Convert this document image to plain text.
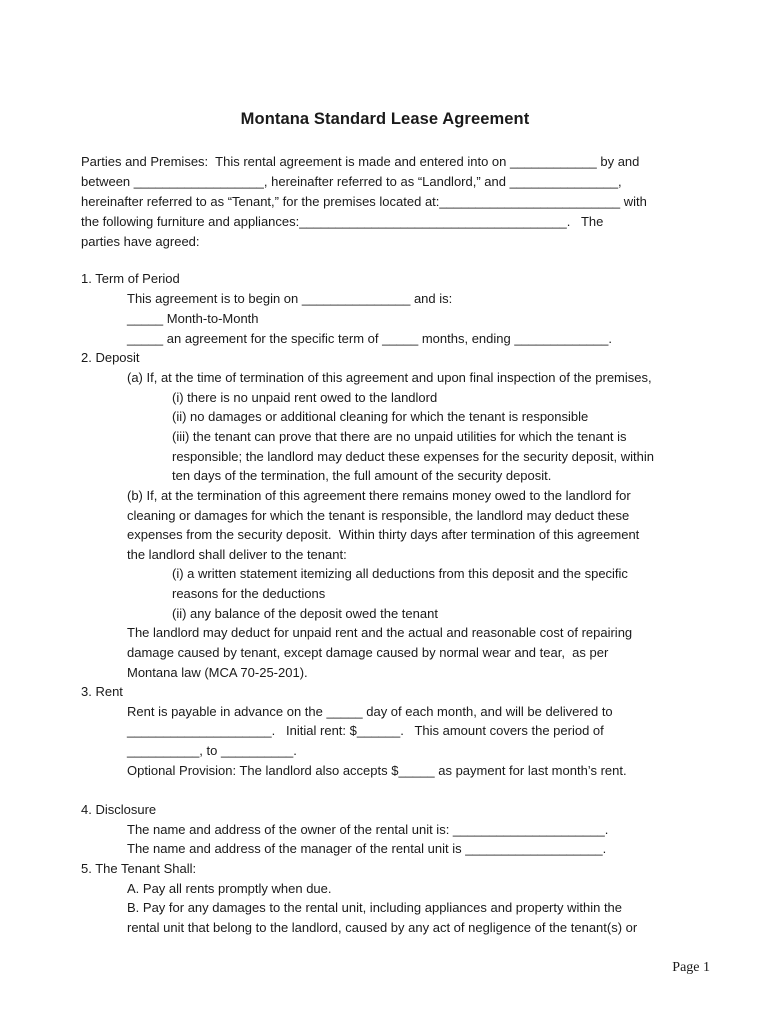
Montana Standard Lease Agreement
Parties and Premises:  This rental agreement is made and entered into on ____________ by and
between __________________, hereinafter referred to as “Landlord,” and _______________,
hereinafter referred to as “Tenant,” for the premises located at:_________________________ with
the following furniture and appliances:_____________________________________.   The
parties have agreed:
1. Term of Period
This agreement is to begin on _______________ and is:
_____ Month-to-Month
_____ an agreement for the specific term of _____ months, ending _____________.
2. Deposit
(a) If, at the time of termination of this agreement and upon final inspection of the premises,
(i) there is no unpaid rent owed to the landlord
(ii) no damages or additional cleaning for which the tenant is responsible
(iii) the tenant can prove that there are no unpaid utilities for which the tenant is
responsible; the landlord may deduct these expenses for the security deposit, within
ten days of the termination, the full amount of the security deposit.
(b) If, at the termination of this agreement there remains money owed to the landlord for
cleaning or damages for which the tenant is responsible, the landlord may deduct these
expenses from the security deposit.  Within thirty days after termination of this agreement
the landlord shall deliver to the tenant:
(i) a written statement itemizing all deductions from this deposit and the specific
reasons for the deductions
(ii) any balance of the deposit owed the tenant
The landlord may deduct for unpaid rent and the actual and reasonable cost of repairing
damage caused by tenant, except damage caused by normal wear and tear,  as per
Montana law (MCA 70-25-201).
3. Rent
Rent is payable in advance on the _____ day of each month, and will be delivered to
____________________.   Initial rent: $______.   This amount covers the period of
__________, to __________.
Optional Provision: The landlord also accepts $_____ as payment for last month’s rent.
4. Disclosure
The name and address of the owner of the rental unit is: _____________________.
The name and address of the manager of the rental unit is ___________________.
5. The Tenant Shall:
A. Pay all rents promptly when due.
B. Pay for any damages to the rental unit, including appliances and property within the
rental unit that belong to the landlord, caused by any act of negligence of the tenant(s) or
Page 1
